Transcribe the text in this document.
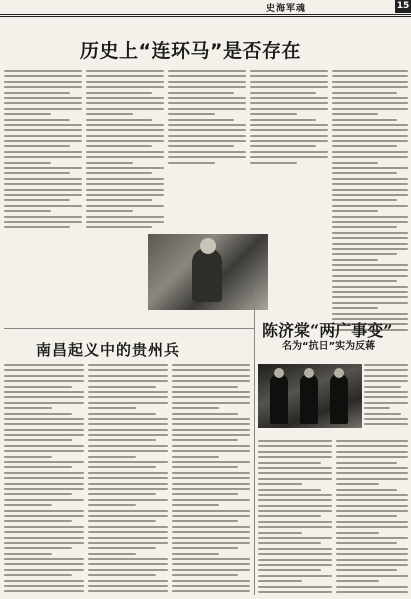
史海军魂	15
历史上“连环马”是否存在
南昌起义中的贵州兵
陈济棠“两广事变”
名为“抗日”实为反蒋
